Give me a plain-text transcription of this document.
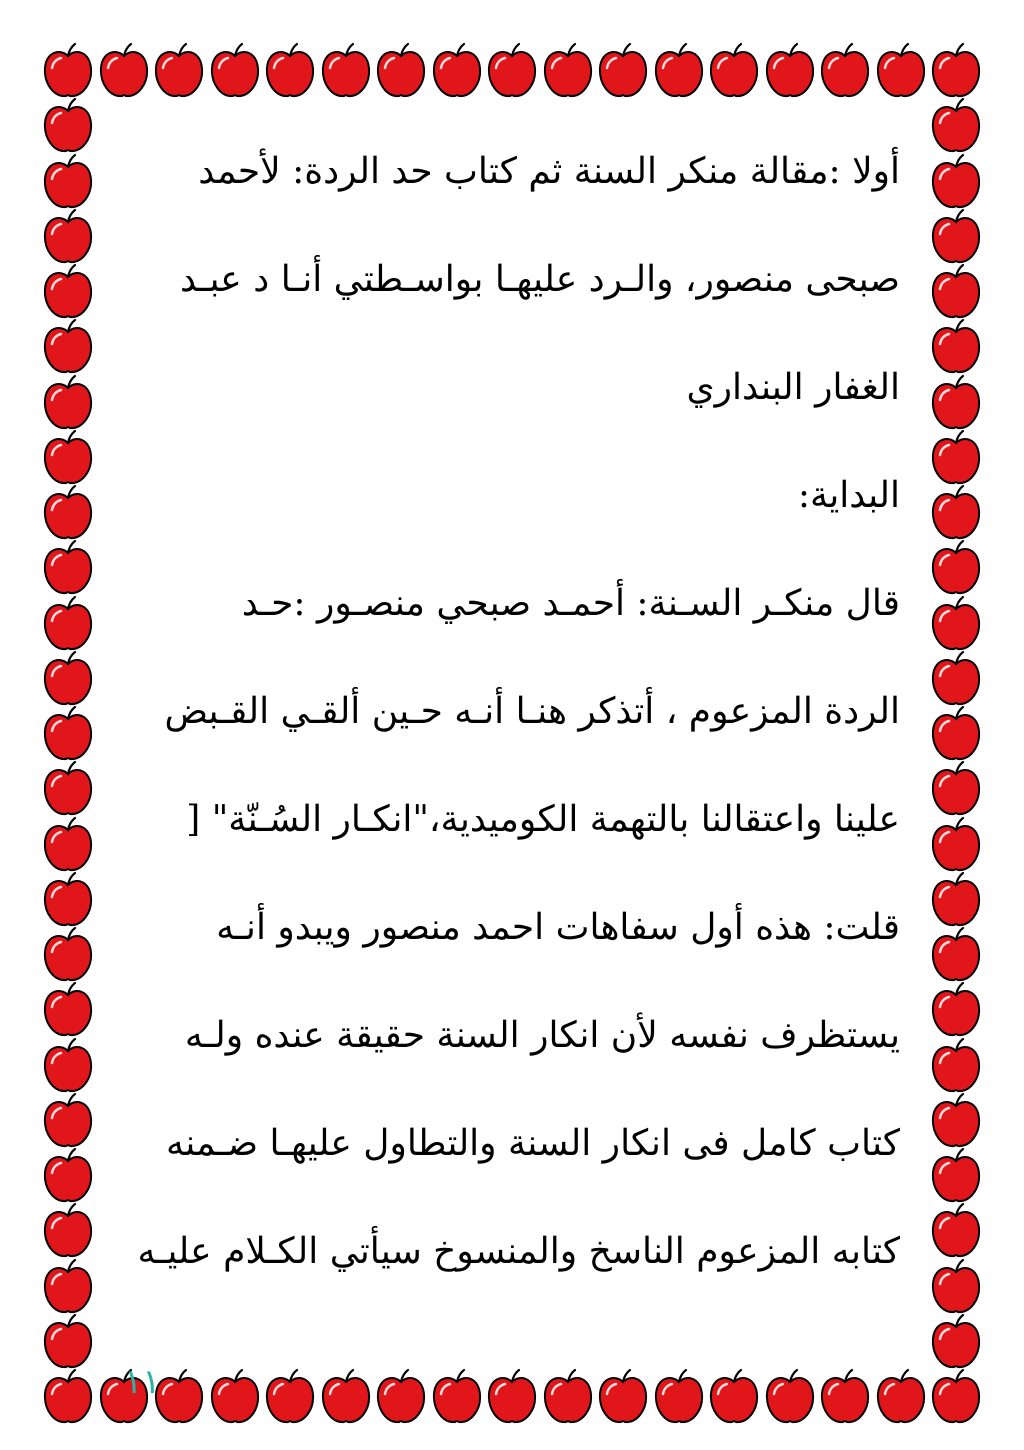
أولا :مقالة منكر السنة ثم كتاب حد الردة: لأحمد
صبحى منصور، والـرد عليهـا بواسـطتي أنـا د عبـد
الغفار البنداري
البداية:
قال منكـر السـنة: أحمـد صبحي منصـور :حـد
الردة المزعوم ، أتذكر هنـا أنـه حـين ألقـي القـبض
علينا واعتقالنا بالتهمة الكوميدية،"انكـار السُـنّة" [
قلت: هذه أول سفاهات احمد منصور ويبدو أنـه
يستظرف نفسه لأن انكار السنة حقيقة عنده ولـه
كتاب كامل فى انكار السنة والتطاول عليهـا ضـمنه
كتابه المزعوم الناسخ والمنسوخ سيأتي الكـلام عليـه
١١
